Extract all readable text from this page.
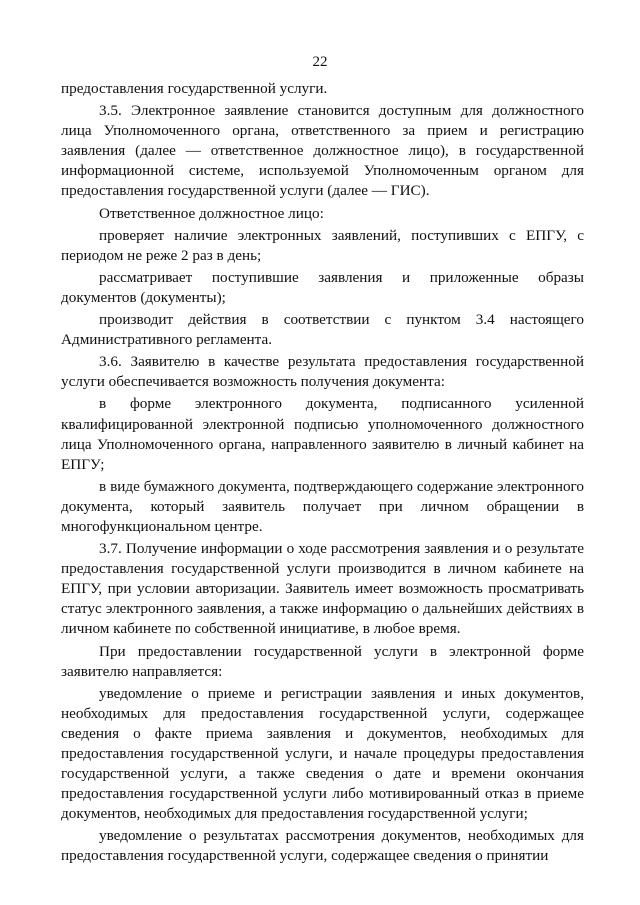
22

предоставления государственной услуги.

3.5. Электронное заявление становится доступным для должностного лица Уполномоченного органа, ответственного за прием и регистрацию заявления (далее — ответственное должностное лицо), в государственной информационной системе, используемой Уполномоченным органом для предоставления государственной услуги (далее — ГИС).

Ответственное должностное лицо:

проверяет наличие электронных заявлений, поступивших с ЕПГУ, с периодом не реже 2 раз в день;

рассматривает поступившие заявления и приложенные образы документов (документы);

производит действия в соответствии с пунктом 3.4 настоящего Административного регламента.

3.6. Заявителю в качестве результата предоставления государственной услуги обеспечивается возможность получения документа:

в форме электронного документа, подписанного усиленной квалифицированной электронной подписью уполномоченного должностного лица Уполномоченного органа, направленного заявителю в личный кабинет на ЕПГУ;

в виде бумажного документа, подтверждающего содержание электронного документа, который заявитель получает при личном обращении в многофункциональном центре.

3.7. Получение информации о ходе рассмотрения заявления и о результате предоставления государственной услуги производится в личном кабинете на ЕПГУ, при условии авторизации. Заявитель имеет возможность просматривать статус электронного заявления, а также информацию о дальнейших действиях в личном кабинете по собственной инициативе, в любое время.

При предоставлении государственной услуги в электронной форме заявителю направляется:

уведомление о приеме и регистрации заявления и иных документов, необходимых для предоставления государственной услуги, содержащее сведения о факте приема заявления и документов, необходимых для предоставления государственной услуги, и начале процедуры предоставления государственной услуги, а также сведения о дате и времени окончания предоставления государственной услуги либо мотивированный отказ в приеме документов, необходимых для предоставления государственной услуги;

уведомление о результатах рассмотрения документов, необходимых для предоставления государственной услуги, содержащее сведения о принятии
